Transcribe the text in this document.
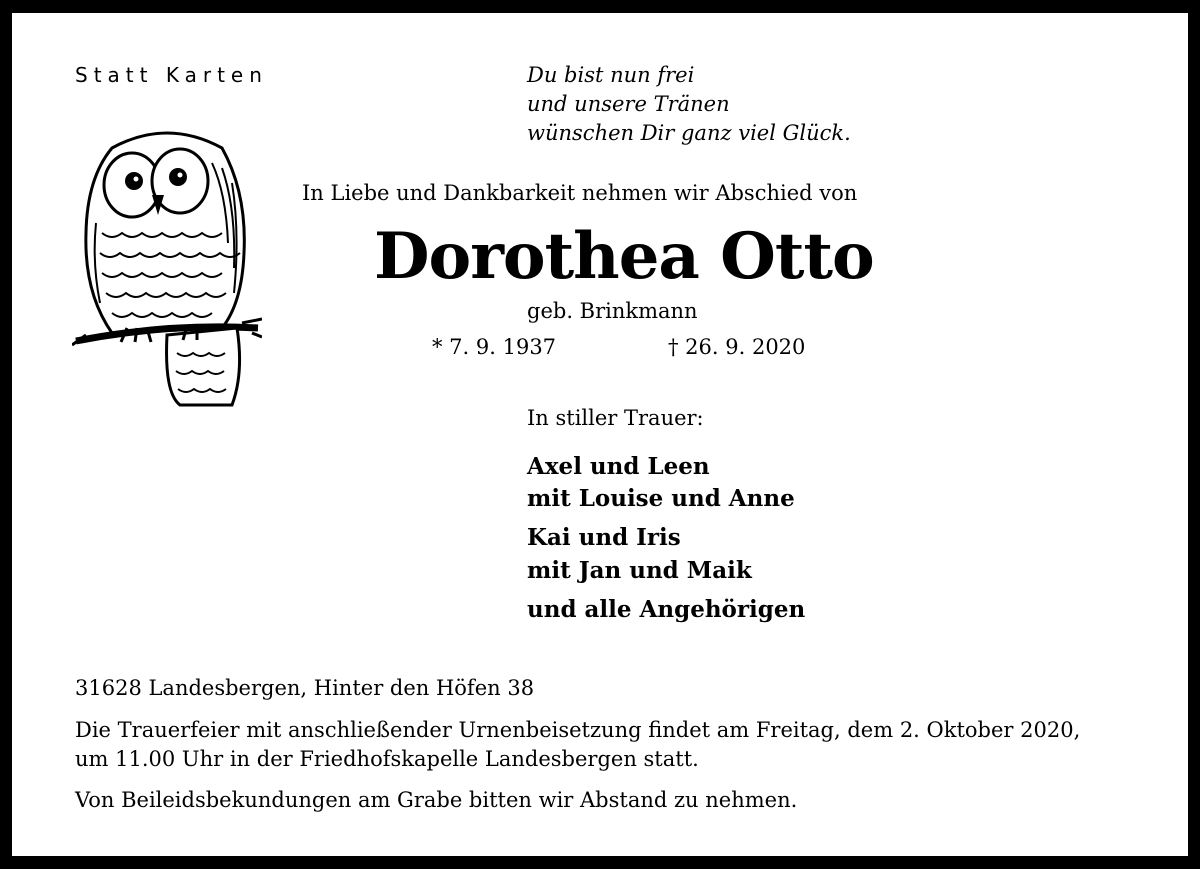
Statt Karten	Du bist nun frei
und unsere Tränen
wünschen Dir ganz viel Glück.
In Liebe und Dankbarkeit nehmen wir Abschied von
Dorothea Otto
geb. Brinkmann
* 7. 9. 1937	† 26. 9. 2020
In stiller Trauer:
Axel und Leen
mit Louise und Anne
Kai und Iris
mit Jan und Maik
und alle Angehörigen
31628 Landesbergen, Hinter den Höfen 38
Die Trauerfeier mit anschließender Urnenbeisetzung findet am Freitag, dem 2. Oktober 2020,
um 11.00 Uhr in der Friedhofskapelle Landesbergen statt.
Von Beileidsbekundungen am Grabe bitten wir Abstand zu nehmen.
